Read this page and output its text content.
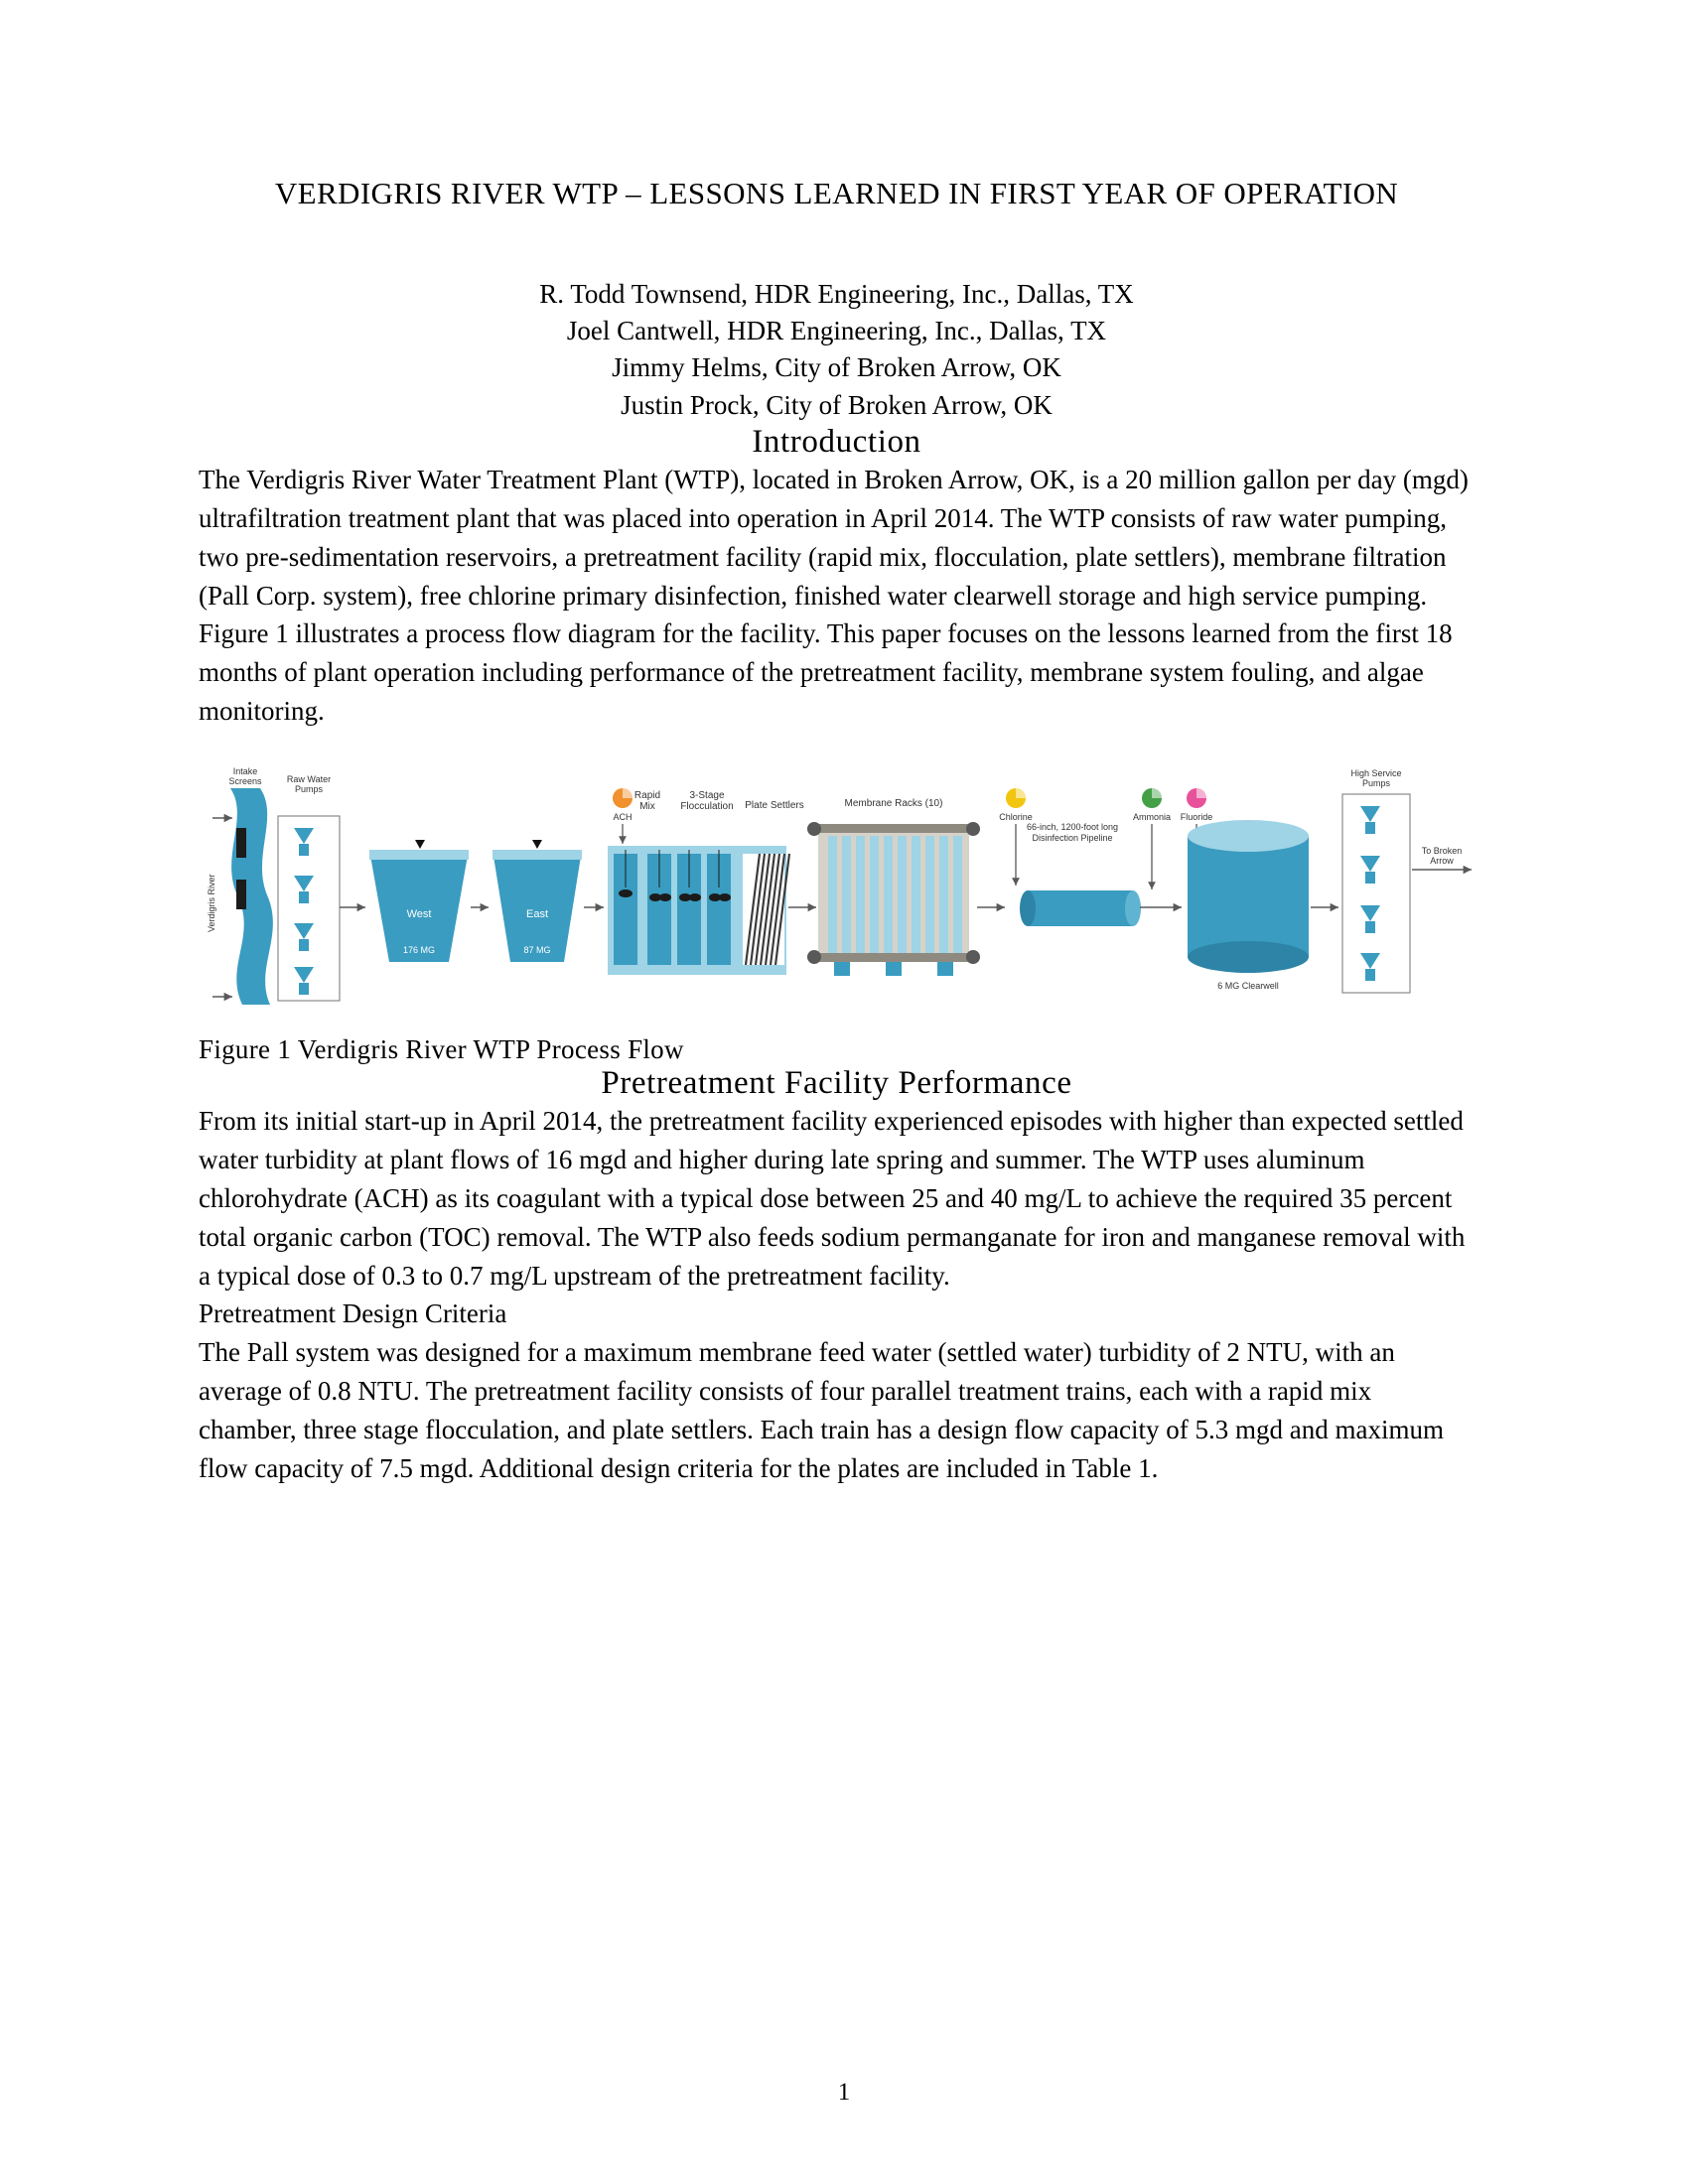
VERDIGRIS RIVER WTP – LESSONS LEARNED IN FIRST YEAR OF OPERATION
R. Todd Townsend, HDR Engineering, Inc., Dallas, TX
Joel Cantwell, HDR Engineering, Inc., Dallas, TX
Jimmy Helms, City of Broken Arrow, OK
Justin Prock, City of Broken Arrow, OK
Introduction

The Verdigris River Water Treatment Plant (WTP), located in Broken Arrow, OK, is a 20 million gallon per day (mgd) ultrafiltration treatment plant that was placed into operation in April 2014. The WTP consists of raw water pumping, two pre-sedimentation reservoirs, a pretreatment facility (rapid mix, flocculation, plate settlers), membrane filtration (Pall Corp. system), free chlorine primary disinfection, finished water clearwell storage and high service pumping. Figure 1 illustrates a process flow diagram for the facility. This paper focuses on the lessons learned from the first 18 months of plant operation including performance of the pretreatment facility, membrane system fouling, and algae monitoring.

Verdigris River
Intake
Screens	Raw Water
Pumps
West
176 MG
East
87 MG
ACH
Rapid
Mix
3-Stage
Flocculation Plate Settlers	Membrane Racks (10)
Chlorine
66-inch, 1200-foot long
Disinfection Pipeline
Ammonia Fluoride
6 MG Clearwell
High Service
Pumps
To Broken
Arrow
Figure 1 Verdigris River WTP Process Flow
Pretreatment Facility Performance

From its initial start-up in April 2014, the pretreatment facility experienced episodes with higher than expected settled water turbidity at plant flows of 16 mgd and higher during late spring and summer. The WTP uses aluminum chlorohydrate (ACH) as its coagulant with a typical dose between 25 and 40 mg/L to achieve the required 35 percent total organic carbon (TOC) removal. The WTP also feeds sodium permanganate for iron and manganese removal with a typical dose of 0.3 to 0.7 mg/L upstream of the pretreatment facility.

Pretreatment Design Criteria

The Pall system was designed for a maximum membrane feed water (settled water) turbidity of 2 NTU, with an average of 0.8 NTU. The pretreatment facility consists of four parallel treatment trains, each with a rapid mix chamber, three stage flocculation, and plate settlers. Each train has a design flow capacity of 5.3 mgd and maximum flow capacity of 7.5 mgd. Additional design criteria for the plates are included in Table 1.

1
